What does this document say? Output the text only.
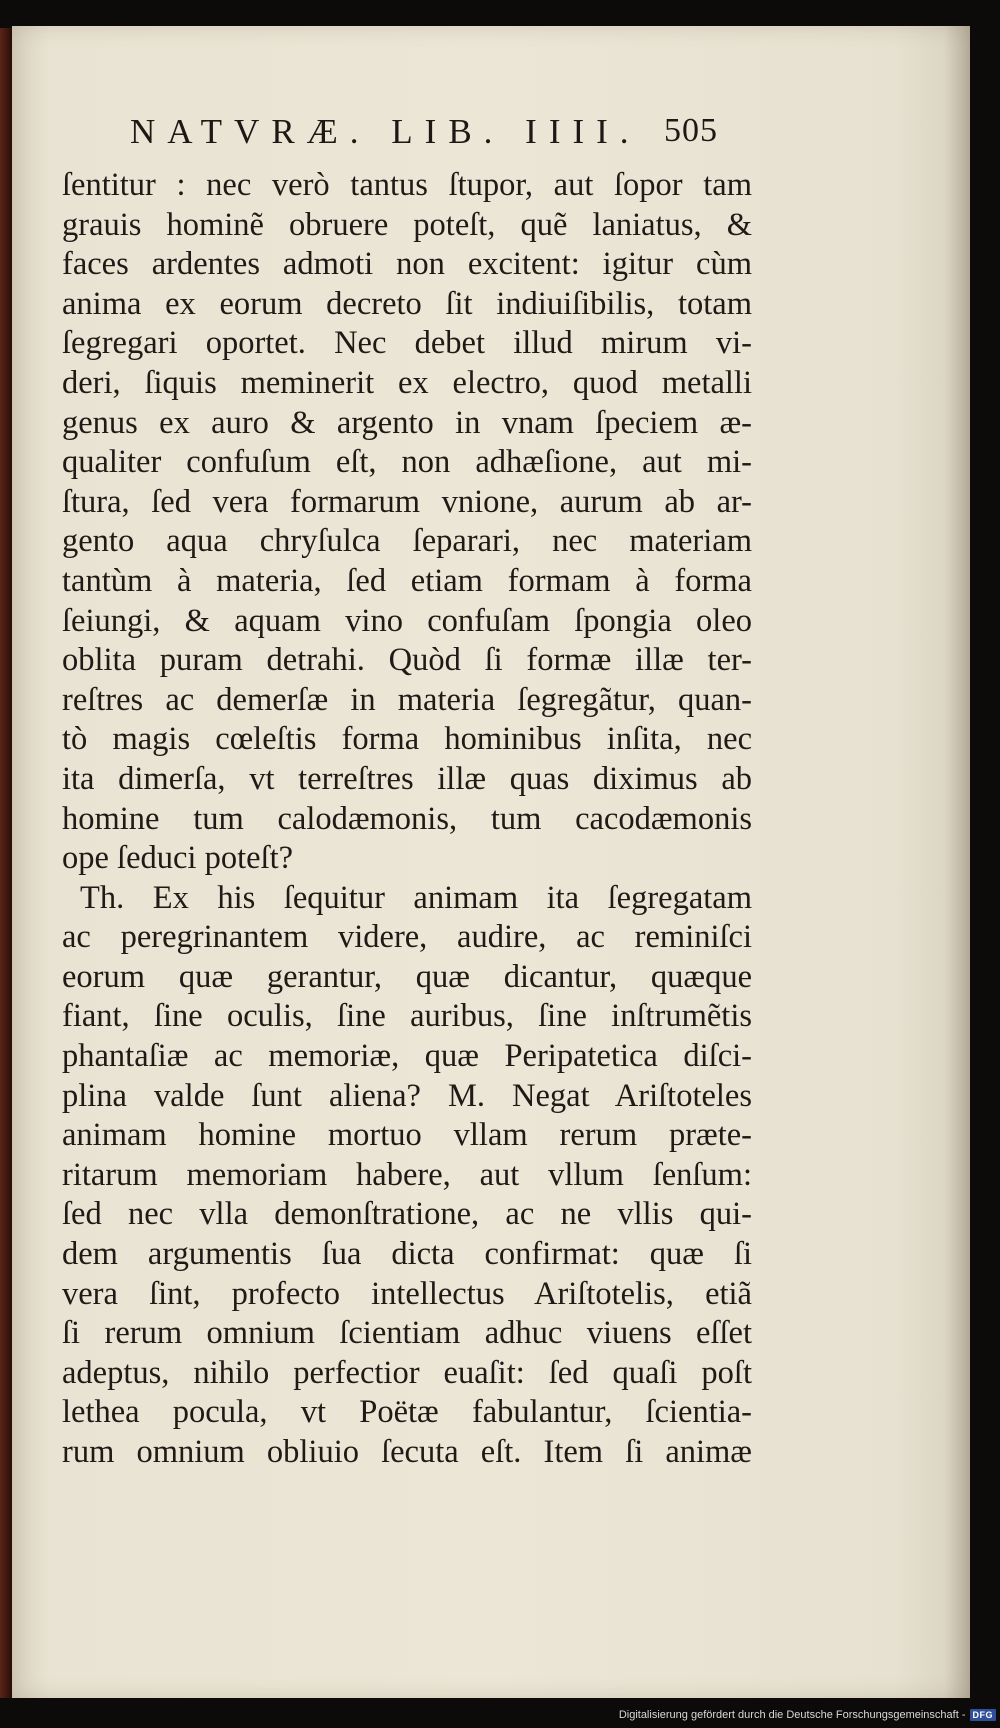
NATVRÆ. LIB. IIII. 505
ſentitur : nec verò tantus ſtupor, aut ſopor tam
grauis hominẽ obruere poteſt, quẽ laniatus, &
faces ardentes admoti non excitent: igitur cùm
anima ex eorum decreto ſit indiuiſibilis, totam
ſegregari oportet. Nec debet illud mirum vi-
deri, ſiquis meminerit ex electro, quod metalli
genus ex auro & argento in vnam ſpeciem æ-
qualiter confuſum eſt, non adhæſione, aut mi-
ſtura, ſed vera formarum vnione, aurum ab ar-
gento aqua chryſulca ſeparari, nec materiam
tantùm à materia, ſed etiam formam à forma
ſeiungi, & aquam vino confuſam ſpongia oleo
oblita puram detrahi. Quòd ſi formæ illæ ter-
reſtres ac demerſæ in materia ſegregãtur, quan-
tò magis cœleſtis forma hominibus inſita, nec
ita dimerſa, vt terreſtres illæ quas diximus ab
homine tum calodæmonis, tum cacodæmonis
ope ſeduci poteſt?
Th. Ex his ſequitur animam ita ſegregatam
ac peregrinantem videre, audire, ac reminiſci
eorum quæ gerantur, quæ dicantur, quæque
fiant, ſine oculis, ſine auribus, ſine inſtrumẽtis
phantaſiæ ac memoriæ, quæ Peripatetica diſci-
plina valde ſunt aliena? M. Negat Ariſtoteles
animam homine mortuo vllam rerum præte-
ritarum memoriam habere, aut vllum ſenſum:
ſed nec vlla demonſtratione, ac ne vllis qui-
dem argumentis ſua dicta confirmat: quæ ſi
vera ſint, profecto intellectus Ariſtotelis, etiã
ſi rerum omnium ſcientiam adhuc viuens eſſet
adeptus, nihilo perfectior euaſit: ſed quaſi poſt
lethea pocula, vt Poëtæ fabulantur, ſcientia-
rum omnium obliuio ſecuta eſt. Item ſi animæ
Digitalisierung gefördert durch die Deutsche Forschungsgemeinschaft - DFG
